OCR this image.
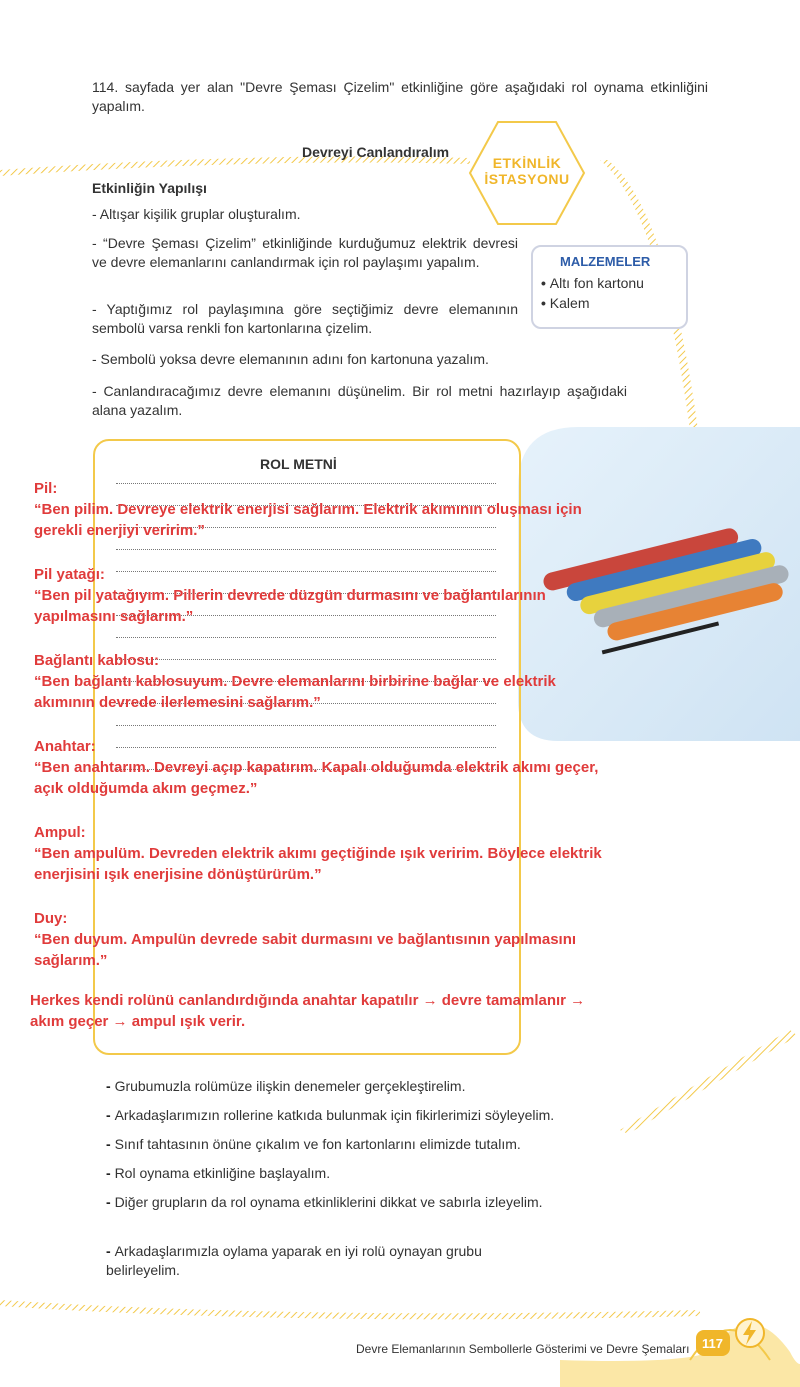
114. sayfada yer alan "Devre Şeması Çizelim" etkinliğine göre aşağıdaki rol oynama etkinliğini yapalım.
Devreyi Canlandıralım
ETKİNLİK
İSTASYONU
Etkinliğin Yapılışı
- Altışar kişilik gruplar oluşturalım.
- “Devre Şeması Çizelim” etkinliğinde kurduğumuz elektrik devresi ve devre elemanlarını canlandırmak için rol paylaşımı yapalım.
- Yaptığımız rol paylaşımına göre seçtiğimiz devre elemanının sembolü varsa renkli fon kartonlarına çizelim.
- Sembolü yoksa devre elemanının adını fon kartonuna yazalım.
- Canlandıracağımız devre elemanını düşünelim. Bir rol metni hazırlayıp aşağıdaki alana yazalım.
MALZEMELER
• Altı fon kartonu
• Kalem
ROL METNİ
Pil:
“Ben pilim. Devreye elektrik enerjisi sağlarım. Elektrik akımının oluşması için gerekli enerjiyi veririm.”
Pil yatağı:
“Ben pil yatağıyım. Pillerin devrede düzgün durmasını ve bağlantılarının yapılmasını sağlarım.”
Bağlantı kablosu:
“Ben bağlantı kablosuyum. Devre elemanlarını birbirine bağlar ve elektrik akımının devrede ilerlemesini sağlarım.”
Anahtar:
“Ben anahtarım. Devreyi açıp kapatırım. Kapalı olduğumda elektrik akımı geçer, açık olduğumda akım geçmez.”
Ampul:
“Ben ampulüm. Devreden elektrik akımı geçtiğinde ışık veririm. Böylece elektrik enerjisini ışık enerjisine dönüştürürüm.”
Duy:
“Ben duyum. Ampulün devrede sabit durmasını ve bağlantısının yapılmasını sağlarım.”
Herkes kendi rolünü canlandırdığında anahtar kapatılır → devre tamamlanır → akım geçer → ampul ışık verir.
- Grubumuzla rolümüze ilişkin denemeler gerçekleştirelim.
- Arkadaşlarımızın rollerine katkıda bulunmak için fikirlerimizi söyleyelim.
- Sınıf tahtasının önüne çıkalım ve fon kartonlarını elimizde tutalım.
- Rol oynama etkinliğine başlayalım.
- Diğer grupların da rol oynama etkinliklerini dikkat ve sabırla izleyelim.
- Arkadaşlarımızla oylama yaparak en iyi rolü oynayan grubu belirleyelim.
117
Devre Elemanlarının Sembollerle Gösterimi ve Devre Şemaları
